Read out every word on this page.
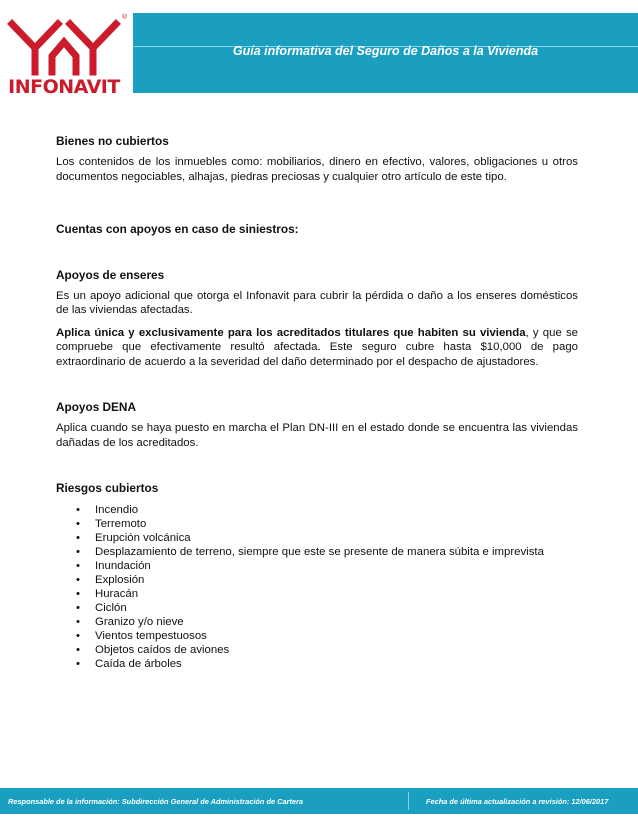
®
INFONAVIT
Guía informativa del Seguro de Daños a la Vivienda
Bienes no cubiertos

Los contenidos de los inmuebles como: mobiliarios, dinero en efectivo, valores, obligaciones u otros documentos negociables, alhajas, piedras preciosas y cualquier otro artículo de este tipo.

Cuentas con apoyos en caso de siniestros:
Apoyos de enseres

Es un apoyo adicional que otorga el Infonavit para cubrir la pérdida o daño a los enseres domésticos de las viviendas afectadas.

Aplica única y exclusivamente para los acreditados titulares que habiten su vivienda, y que se compruebe que efectivamente resultó afectada. Este seguro cubre hasta $10,000 de pago extraordinario de acuerdo a la severidad del daño determinado por el despacho de ajustadores.

Apoyos DENA

Aplica cuando se haya puesto en marcha el Plan DN-III en el estado donde se encuentra las viviendas dañadas de los acreditados.

Riesgos cubiertos
• Incendio
• Terremoto
• Erupción volcánica
• Desplazamiento de terreno, siempre que este se presente de manera súbita e imprevista
• Inundación
• Explosión
• Huracán
• Ciclón
• Granizo y/o nieve
• Vientos tempestuosos
• Objetos caídos de aviones
• Caída de árboles
Responsable de la información: Subdirección General de Administración de Cartera	Fecha de última actualización a revisión: 12/06/2017
